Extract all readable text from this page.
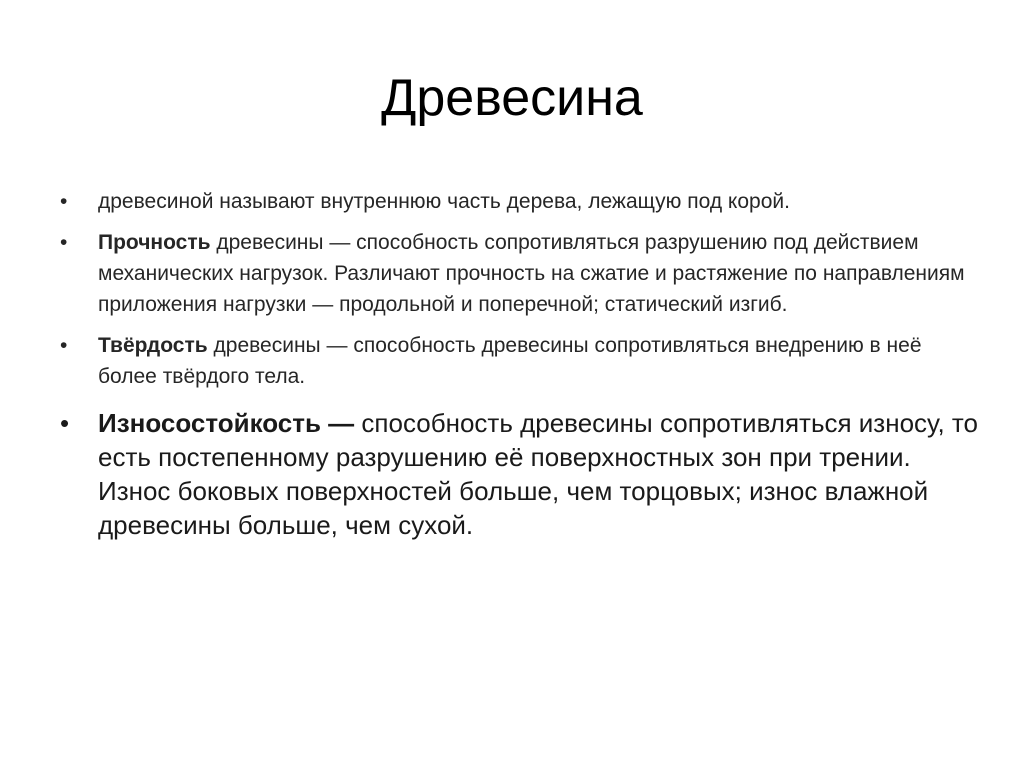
Древесина
• древесиной называют внутреннюю часть дерева, лежащую под корой.
• Прочность древесины — способность сопротивляться разрушению под действием механических нагрузок. Различают прочность на сжатие и растяжение по направлениям приложения нагрузки — продольной и поперечной; статический изгиб.
• Твёрдость древесины — способность древесины сопротивляться внедрению в неё более твёрдого тела.
• Износостойкость — способность древесины сопротивляться износу, то есть постепенному разрушению её поверхностных зон при трении. Износ боковых поверхностей больше, чем торцовых; износ влажной древесины больше, чем сухой.
